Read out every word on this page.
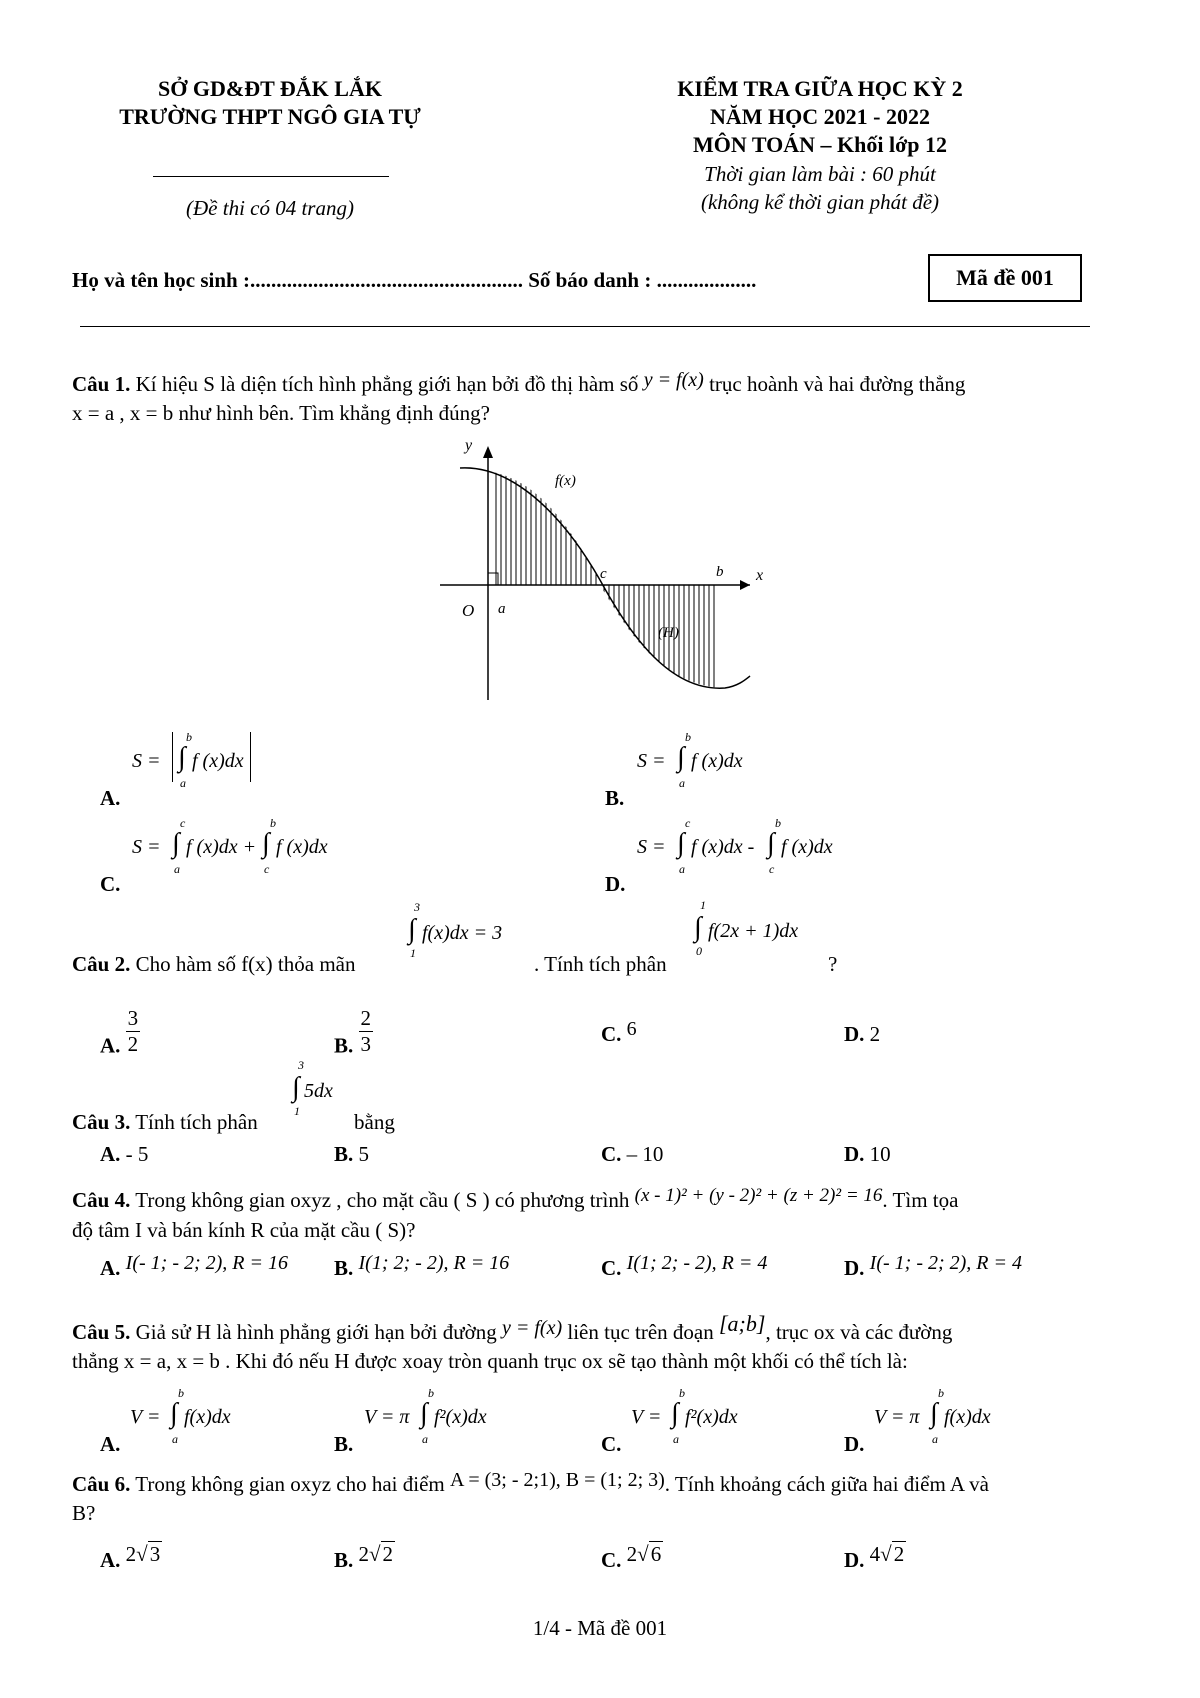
SỞ GD&ĐT ĐẮK LẮK
TRƯỜNG THPT NGÔ GIA TỰ
(Đề thi có 04 trang)
KIỂM TRA GIỮA HỌC KỲ 2
NĂM HỌC 2021 - 2022
MÔN TOÁN – Khối lớp 12
Thời gian làm bài : 60 phút
(không kể thời gian phát đề)
Họ và tên học sinh :.................................................... Số báo danh : ...................	Mã đề 001
Câu 1. Kí hiệu S là diện tích hình phẳng giới hạn bởi đồ thị hàm số y = f(x) trục hoành và hai đường thẳng
x = a , x = b như hình bên. Tìm khẳng định đúng?
y
x
O a
c	b
f(x)
(H)
A.
S = ∫
b
a
f (x)dx
B.
S = ∫
b
a
f (x)dx
C.
S = ∫
c
a
f (x)dx + ∫
b
c
f (x)dx
D.
S = ∫
c
a
f (x)dx - ∫
b
c
f (x)dx
Câu 2. Cho hàm số f(x) thỏa mãn
3
∫
1
f(x)dx = 3
. Tính tích phân
1
∫
0
f(2x + 1)dx
?
A. $\frac{3}{2}$	B. $\frac{2}{3}$	C. 6	D. 2
Câu 3. Tính tích phân
3
∫
1
5dx
bằng
A. - 5	B. 5	C. – 10	D. 10
Câu 4. Trong không gian oxyz , cho mặt cầu ( S ) có phương trình (x - 1)² + (y - 2)² + (z + 2)² = 16. Tìm tọa
độ tâm I và bán kính R của mặt cầu ( S)?
A. I(- 1; - 2; 2), R = 16 B. I(1; 2; - 2), R = 16	C. I(1; 2; - 2), R = 4	D. I(- 1; - 2; 2), R = 4
Câu 5. Giả sử H là hình phẳng giới hạn bởi đường y = f(x) liên tục trên đoạn [a;b], trục ox và các đường
thẳng x = a, x = b . Khi đó nếu H được xoay tròn quanh trục ox sẽ tạo thành một khối có thể tích là:
A.
V = ∫
b
a
f(x)dx
B.
V = π ∫
b
a
f²(x)dx
C.
V = ∫
b
a
f²(x)dx
D.
V = π ∫
b
a
f(x)dx
Câu 6. Trong không gian oxyz cho hai điểm A = (3; - 2;1), B = (1; 2; 3). Tính khoảng cách giữa hai điểm A và
B?
A. 2√3	B. 2√2	C. 2√6	D. 4√2
1/4 - Mã đề 001
